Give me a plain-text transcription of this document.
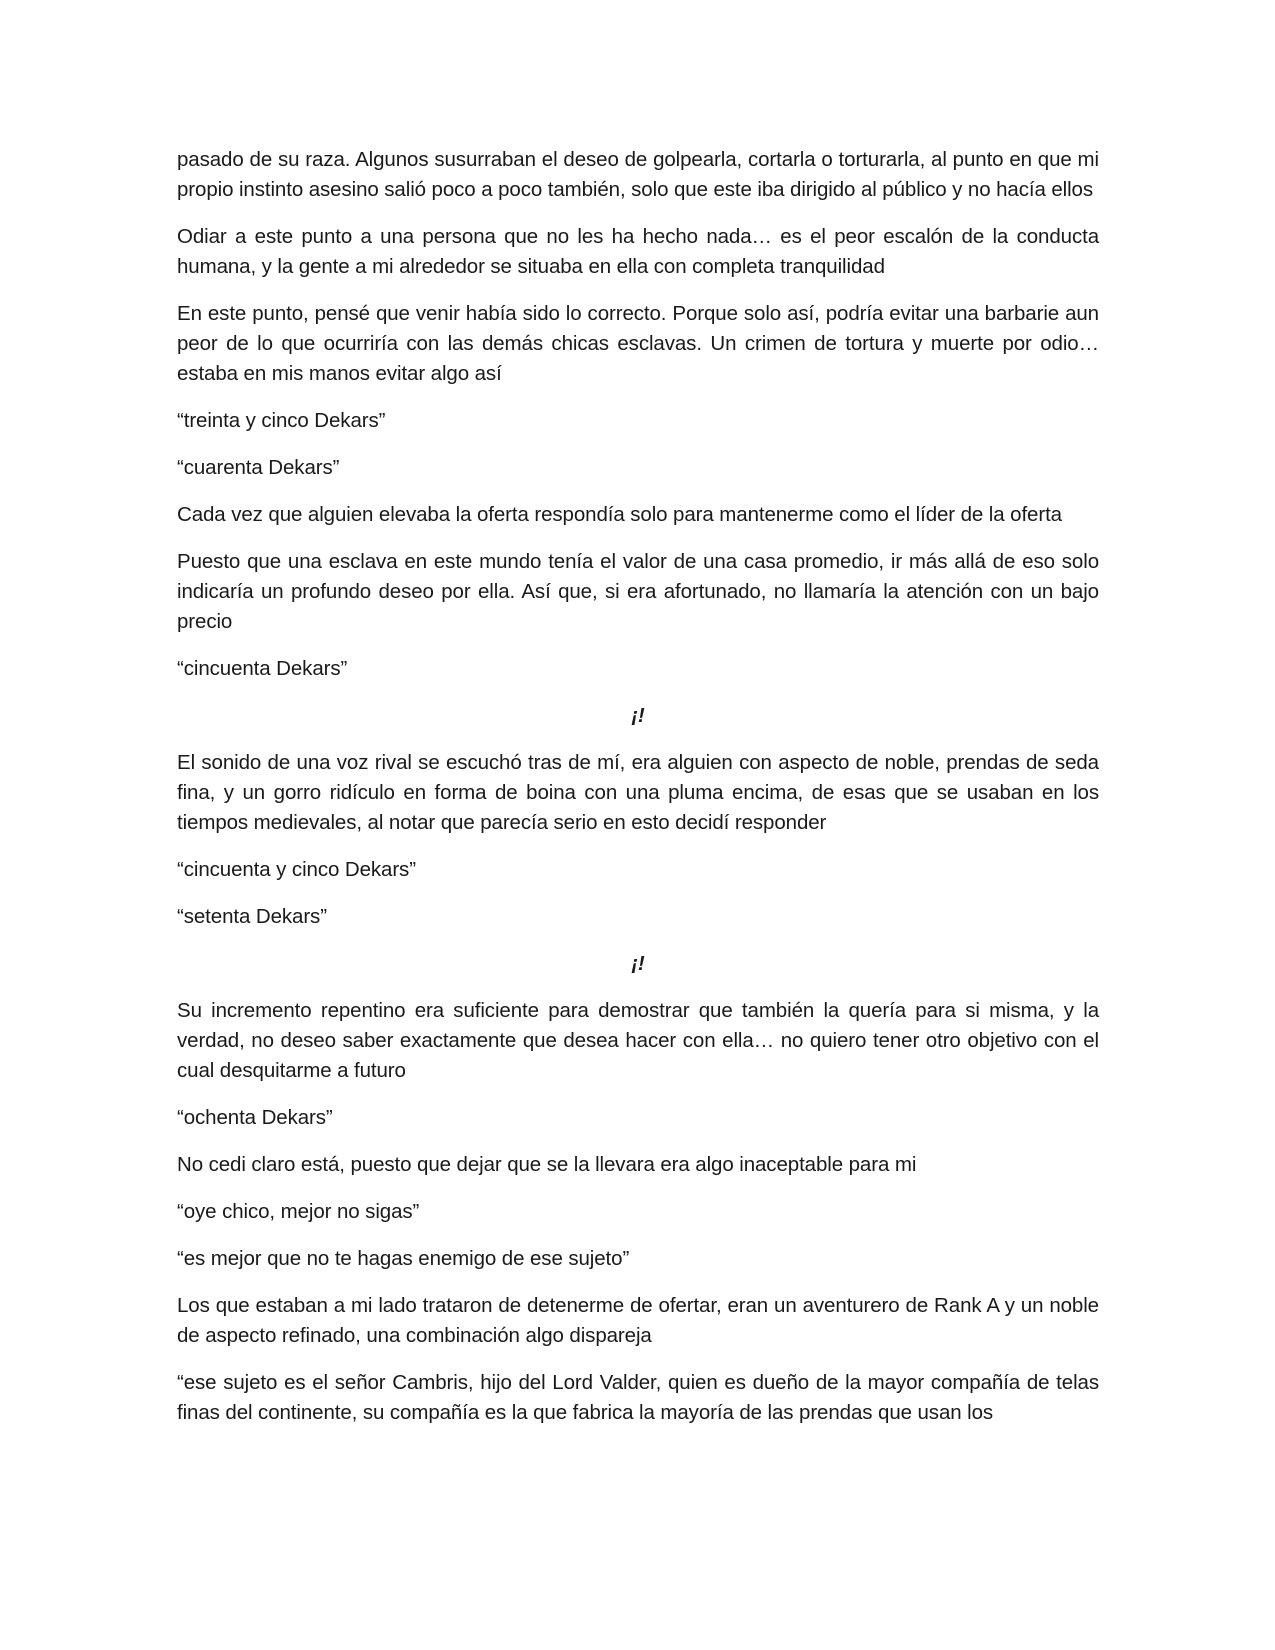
pasado de su raza. Algunos susurraban el deseo de golpearla, cortarla o torturarla, al punto en que mi propio instinto asesino salió poco a poco también, solo que este iba dirigido al público y no hacía ellos

Odiar a este punto a una persona que no les ha hecho nada… es el peor escalón de la conducta humana, y la gente a mi alrededor se situaba en ella con completa tranquilidad

En este punto, pensé que venir había sido lo correcto. Porque solo así, podría evitar una barbarie aun peor de lo que ocurriría con las demás chicas esclavas. Un crimen de tortura y muerte por odio… estaba en mis manos evitar algo así

“treinta y cinco Dekars”

“cuarenta Dekars”

Cada vez que alguien elevaba la oferta respondía solo para mantenerme como el líder de la oferta

Puesto que una esclava en este mundo tenía el valor de una casa promedio, ir más allá de eso solo indicaría un profundo deseo por ella. Así que, si era afortunado, no llamaría la atención con un bajo precio

“cincuenta Dekars”

¡!

El sonido de una voz rival se escuchó tras de mí, era alguien con aspecto de noble, prendas de seda fina, y un gorro ridículo en forma de boina con una pluma encima, de esas que se usaban en los tiempos medievales, al notar que parecía serio en esto decidí responder

“cincuenta y cinco Dekars”

“setenta Dekars”

¡!

Su incremento repentino era suficiente para demostrar que también la quería para si misma, y la verdad, no deseo saber exactamente que desea hacer con ella… no quiero tener otro objetivo con el cual desquitarme a futuro

“ochenta Dekars”

No cedi claro está, puesto que dejar que se la llevara era algo inaceptable para mi

“oye chico, mejor no sigas”

“es mejor que no te hagas enemigo de ese sujeto”

Los que estaban a mi lado trataron de detenerme de ofertar, eran un aventurero de Rank A y un noble de aspecto refinado, una combinación algo dispareja

“ese sujeto es el señor Cambris, hijo del Lord Valder, quien es dueño de la mayor compañía de telas finas del continente, su compañía es la que fabrica la mayoría de las prendas que usan los
